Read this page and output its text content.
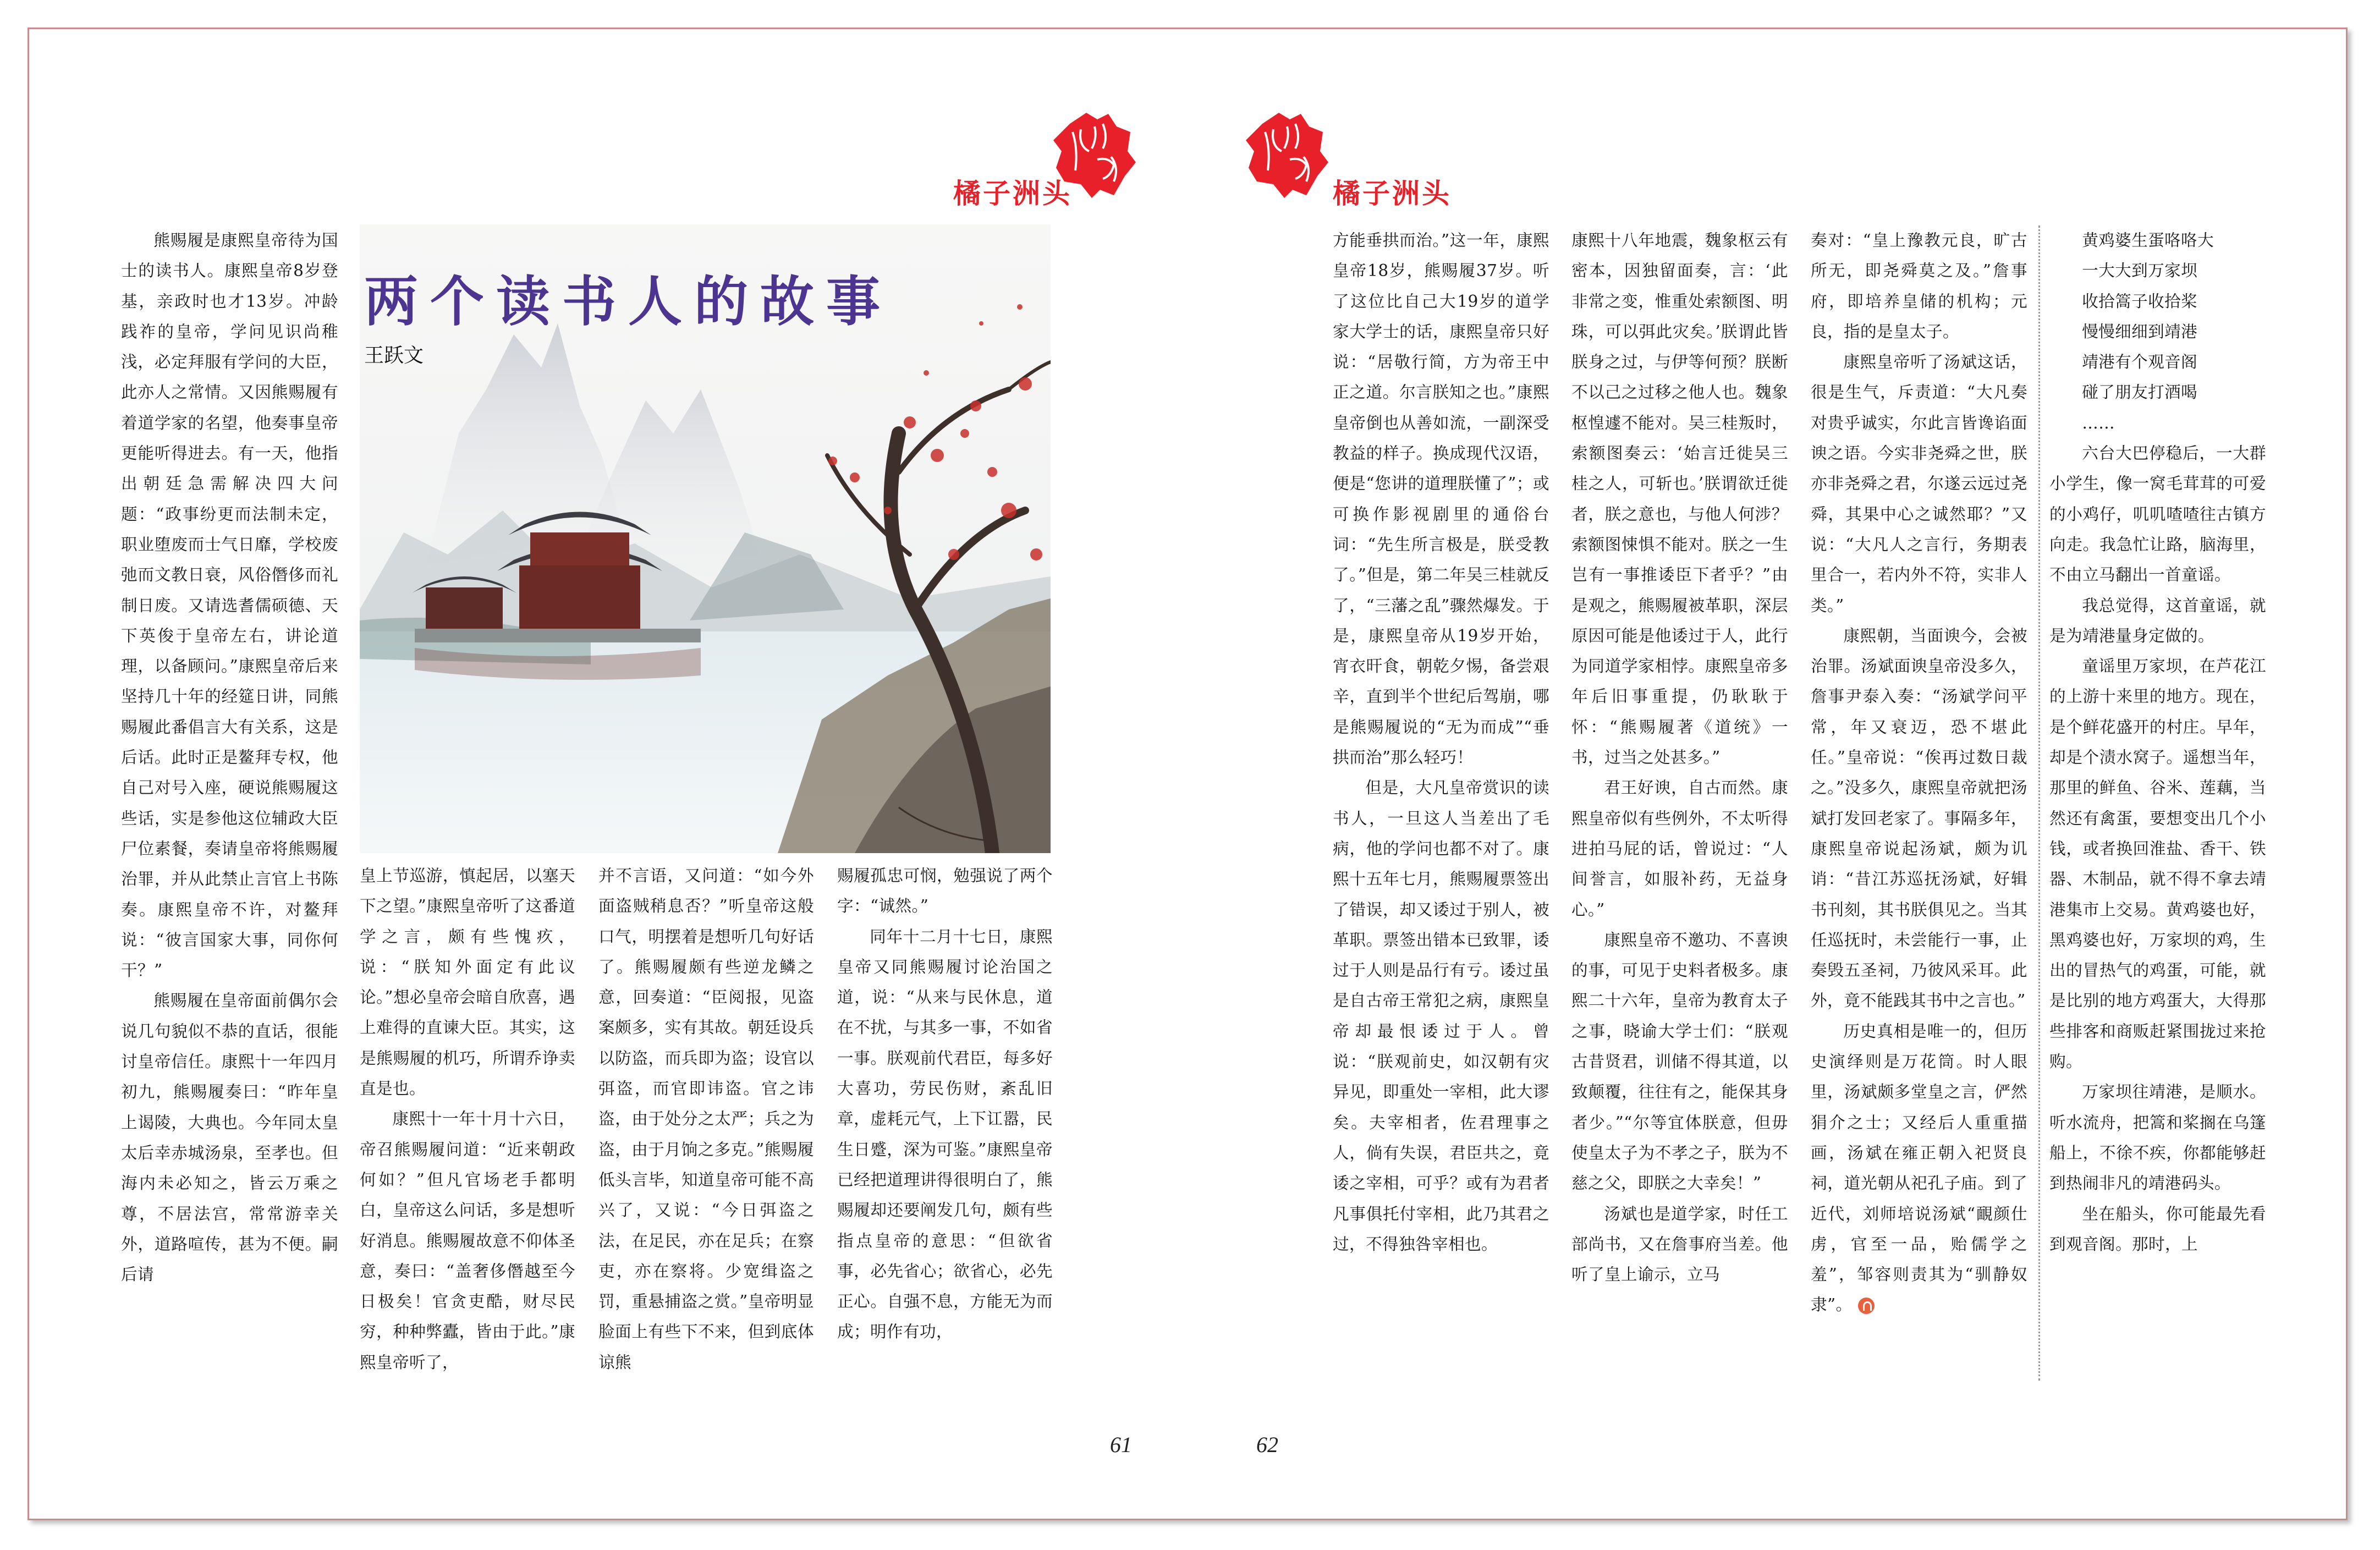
橘子洲头	橘子洲头
两个读书人的故事
王跃文

熊赐履是康熙皇帝待为国士的读书人。康熙皇帝8岁登基，亲政时也才13岁。冲龄践祚的皇帝，学问见识尚稚浅，必定拜服有学问的大臣，此亦人之常情。又因熊赐履有着道学家的名望，他奏事皇帝更能听得进去。有一天，他指出朝廷急需解决四大问题：“政事纷更而法制未定，职业堕废而士气日靡，学校废弛而文教日衰，风俗僭侈而礼制日废。又请选耆儒硕德、天下英俊于皇帝左右，讲论道理，以备顾问。”康熙皇帝后来坚持几十年的经筵日讲，同熊赐履此番倡言大有关系，这是后话。此时正是鳌拜专权，他自己对号入座，硬说熊赐履这些话，实是参他这位辅政大臣尸位素餐，奏请皇帝将熊赐履治罪，并从此禁止言官上书陈奏。康熙皇帝不许，对鳌拜说：“彼言国家大事，同你何干？”

熊赐履在皇帝面前偶尔会说几句貌似不恭的直话，很能讨皇帝信任。康熙十一年四月初九，熊赐履奏曰：“昨年皇上谒陵，大典也。今年同太皇太后幸赤城汤泉，至孝也。但海内未必知之，皆云万乘之尊，不居法宫，常常游幸关外，道路喧传，甚为不便。嗣后请

皇上节巡游，慎起居，以塞天下之望。”康熙皇帝听了这番道学之言，颇有些愧疚，说：“朕知外面定有此议论。”想必皇帝会暗自欣喜，遇上难得的直谏大臣。其实，这是熊赐履的机巧，所谓乔诤卖直是也。

康熙十一年十月十六日，帝召熊赐履问道：“近来朝政何如？”但凡官场老手都明白，皇帝这么问话，多是想听好消息。熊赐履故意不仰体圣意，奏曰：“盖奢侈僭越至今日极矣！官贪吏酷，财尽民穷，种种弊蠹，皆由于此。”康熙皇帝听了，

并不言语，又问道：“如今外面盗贼稍息否？”听皇帝这般口气，明摆着是想听几句好话了。熊赐履颇有些逆龙鳞之意，回奏道：“臣阅报，见盗案颇多，实有其故。朝廷设兵以防盗，而兵即为盗；设官以弭盗，而官即讳盗。官之讳盗，由于处分之太严；兵之为盗，由于月饷之多克。”熊赐履低头言毕，知道皇帝可能不高兴了，又说：“今日弭盗之法，在足民，亦在足兵；在察吏，亦在察将。少宽缉盗之罚，重悬捕盗之赏。”皇帝明显脸面上有些下不来，但到底体谅熊

赐履孤忠可悯，勉强说了两个字：“诚然。”

同年十二月十七日，康熙皇帝又同熊赐履讨论治国之道，说：“从来与民休息，道在不扰，与其多一事，不如省一事。朕观前代君臣，每多好大喜功，劳民伤财，紊乱旧章，虚耗元气，上下讧嚣，民生日蹙，深为可鉴。”康熙皇帝已经把道理讲得很明白了，熊赐履却还要阐发几句，颇有些指点皇帝的意思：“但欲省事，必先省心；欲省心，必先正心。自强不息，方能无为而成；明作有功，

方能垂拱而治。”这一年，康熙皇帝18岁，熊赐履37岁。听了这位比自己大19岁的道学家大学士的话，康熙皇帝只好说：“居敬行简，方为帝王中正之道。尔言朕知之也。”康熙皇帝倒也从善如流，一副深受教益的样子。换成现代汉语，便是“您讲的道理朕懂了”；或可换作影视剧里的通俗台词：“先生所言极是，朕受教了。”但是，第二年吴三桂就反了，“三藩之乱”骤然爆发。于是，康熙皇帝从19岁开始，宵衣旰食，朝乾夕惕，备尝艰辛，直到半个世纪后驾崩，哪是熊赐履说的“无为而成”“垂拱而治”那么轻巧！

但是，大凡皇帝赏识的读书人，一旦这人当差出了毛病，他的学问也都不对了。康熙十五年七月，熊赐履票签出了错误，却又诿过于别人，被革职。票签出错本已致罪，诿过于人则是品行有亏。诿过虽是自古帝王常犯之病，康熙皇帝却最恨诿过于人。曾说：“朕观前史，如汉朝有灾异见，即重处一宰相，此大谬矣。夫宰相者，佐君理事之人，倘有失误，君臣共之，竟诿之宰相，可乎？或有为君者凡事俱托付宰相，此乃其君之过，不得独咎宰相也。

康熙十八年地震，魏象枢云有密本，因独留面奏，言：‘此非常之变，惟重处索额图、明珠，可以弭此灾矣。’朕谓此皆朕身之过，与伊等何预？朕断不以己之过移之他人也。魏象枢惶遽不能对。吴三桂叛时，索额图奏云：‘始言迁徙吴三桂之人，可斩也。’朕谓欲迁徙者，朕之意也，与他人何涉？索额图悚惧不能对。朕之一生岂有一事推诿臣下者乎？”由是观之，熊赐履被革职，深层原因可能是他诿过于人，此行为同道学家相悖。康熙皇帝多年后旧事重提，仍耿耿于怀：“熊赐履著《道统》一书，过当之处甚多。”

君王好谀，自古而然。康熙皇帝似有些例外，不太听得进拍马屁的话，曾说过：“人间誉言，如服补药，无益身心。”

康熙皇帝不邀功、不喜谀的事，可见于史料者极多。康熙二十六年，皇帝为教育太子之事，晓谕大学士们：“朕观古昔贤君，训储不得其道，以致颠覆，往往有之，能保其身者少。”“尔等宜体朕意，但毋使皇太子为不孝之子，朕为不慈之父，即朕之大幸矣！”

汤斌也是道学家，时任工部尚书，又在詹事府当差。他听了皇上谕示，立马

奏对：“皇上豫教元良，旷古所无，即尧舜莫之及。”詹事府，即培养皇储的机构；元良，指的是皇太子。

康熙皇帝听了汤斌这话，很是生气，斥责道：“大凡奏对贵乎诚实，尔此言皆谗谄面谀之语。今实非尧舜之世，朕亦非尧舜之君，尔遂云远过尧舜，其果中心之诚然耶？”又说：“大凡人之言行，务期表里合一，若内外不符，实非人类。”

康熙朝，当面谀今，会被治罪。汤斌面谀皇帝没多久，詹事尹泰入奏：“汤斌学问平常，年又衰迈，恐不堪此任。”皇帝说：“俟再过数日裁之。”没多久，康熙皇帝就把汤斌打发回老家了。事隔多年，康熙皇帝说起汤斌，颇为讥诮：“昔江苏巡抚汤斌，好辑书刊刻，其书朕俱见之。当其任巡抚时，未尝能行一事，止奏毁五圣祠，乃彼风采耳。此外，竟不能践其书中之言也。”

历史真相是唯一的，但历史演绎则是万花筒。时人眼里，汤斌颇多堂皇之言，俨然狷介之士；又经后人重重描画，汤斌在雍正朝入祀贤良祠，道光朝从祀孔子庙。到了近代，刘师培说汤斌“靦颜仕虏，官至一品，贻儒学之羞”，邹容则责其为“驯静奴隶”。

黄鸡婆生蛋咯咯大

一大大到万家坝

收拾篙子收拾桨

慢慢细细到靖港

靖港有个观音阁

碰了朋友打酒喝

……

六台大巴停稳后，一大群小学生，像一窝毛茸茸的可爱的小鸡仔，叽叽喳喳往古镇方向走。我急忙让路，脑海里，不由立马翻出一首童谣。

我总觉得，这首童谣，就是为靖港量身定做的。

童谣里万家坝，在芦花江的上游十来里的地方。现在，是个鲜花盛开的村庄。早年，却是个渍水窝子。遥想当年，那里的鲜鱼、谷米、莲藕，当然还有禽蛋，要想变出几个小钱，或者换回淮盐、香干、铁器、木制品，就不得不拿去靖港集市上交易。黄鸡婆也好，黑鸡婆也好，万家坝的鸡，生出的冒热气的鸡蛋，可能，就是比别的地方鸡蛋大，大得那些排客和商贩赶紧围拢过来抢购。

万家坝往靖港，是顺水。听水流舟，把篙和桨搁在乌篷船上，不徐不疾，你都能够赶到热闹非凡的靖港码头。

坐在船头，你可能最先看到观音阁。那时，上

61	62
